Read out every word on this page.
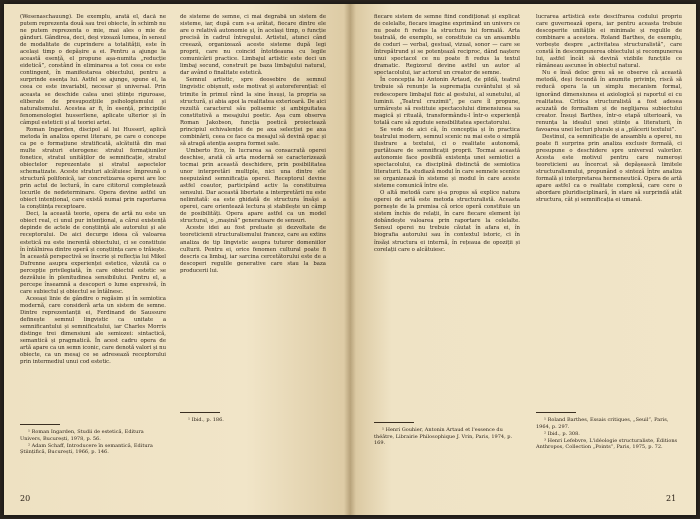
(Wesenaschauung). De exemplu, arată el, dacă ne putem reprezenta două sau trei obiecte, în schimb nu ne putem reprezenta o mie, mai ales o mie de gânduri. Gândirea, deci, deși vizează lumea, în sensul de modalitate de cuprindere a totalității, este în același timp o depășire a ei. Pentru a ajunge la această esență, el propune așa-numita „reducție eidetică”, constând în eliminarea a tot ceea ce este contingent, în manifestarea obiectului, pentru a surprinde esența lui. Astfel se ajunge, spune el, la ceea ce este invariabil, necesar și universal. Prin aceasta se deschide calea unei științe riguroase, eliberate de presupozițiile psihologismului și naturalismului. Acestea ar fi, în esență, principiile fenomenologiei husserliene, aplicate ulterior și în câmpul esteticii și al teoriei artei.

Roman Ingarden, discipol al lui Husserl, aplică metoda în analiza operei literare, pe care o concepe ca pe o formațiune stratificată, alcătuită din mai multe straturi eterogene: stratul formațiunilor fonetice, stratul unităților de semnificație, stratul obiectelor reprezentate și stratul aspectelor schematizate. Aceste straturi alcătuiesc împreună o structură polifonică, iar concretizarea operei are loc prin actul de lectură, în care cititorul completează locurile de nedeterminare. Opera devine astfel un obiect intențional, care există numai prin raportarea la conștiința receptoare.

Deci, la această teorie, opera de artă nu este un obiect real, ci unul pur intențional, a cărui existență depinde de actele de conștiință ale autorului și ale receptorului. De aici decurge ideea că valoarea estetică nu este inerentă obiectului, ci se constituie în întâlnirea dintre operă și conștiința care o trăiește. În această perspectivă se înscrie și reflecția lui Mikel Dufrenne asupra experienței estetice, văzută ca o percepție privilegiată, în care obiectul estetic se dezvăluie în plenitudinea sensibilului. Pentru el, a percepe înseamnă a descoperi o lume expresivă, în care subiectul și obiectul se întâlnesc.

Aceeași linie de gândire o regăsim și în semiotica modernă, care consideră arta un sistem de semne. Dintre reprezentanții ei, Ferdinand de Saussure definește semnul lingvistic ca unitate a semnificantului și semnificatului, iar Charles Morris distinge trei dimensiuni ale semiozei: sintactică, semantică și pragmatică. În acest cadru opera de artă apare ca un semn iconic, care denotă valori și nu obiecte, ca un mesaj ce se adresează receptorului prin intermediul unui cod estetic.

de sisteme de semne, ci mai degrabă un sistem de sisteme, iar, după cum s-a arătat, fiecare dintre ele are o relativă autonomie și, în același timp, o funcție precisă în cadrul întregului. Artistul, atunci când creează, organizează aceste sisteme după legi proprii, care nu coincid întotdeauna cu legile comunicării practice. Limbajul artistic este deci un limbaj secund, construit pe baza limbajului natural, dar având o finalitate estetică.

Semnul artistic, spre deosebire de semnul lingvistic obișnuit, este motivat și autoreferențial: el trimite în primul rând la sine însuși, la propria sa structură, și abia apoi la realitatea exterioară. De aici rezultă caracterul său polisemic și ambiguitatea constitutivă a mesajului poetic. Așa cum observa Roman Jakobson, funcția poetică proiectează principiul echivalenței de pe axa selecției pe axa combinării, ceea ce face ca mesajul să devină opac și să atragă atenția asupra formei sale.

Umberto Eco, în lucrarea sa consacrată operei deschise, arată că arta modernă se caracterizează tocmai prin această deschidere, prin posibilitatea unor interpretări multiple, nici una dintre ele neepuizând semnificația operei. Receptorul devine astfel coautor, participând activ la constituirea sensului. Dar această libertate a interpretării nu este nelimitată: ea este ghidată de structura însăși a operei, care orientează lectura și stabilește un câmp de posibilități. Opera apare astfel ca un model structural, o „mașină” generatoare de sensuri.

Aceste idei au fost preluate și dezvoltate de teoreticienii structuralismului francez, care au extins analiza de tip lingvistic asupra tuturor domeniilor culturii. Pentru ei, orice fenomen cultural poate fi descris ca limbaj, iar sarcina cercetătorului este de a descoperi regulile generative care stau la baza producerii lui.

¹ Roman Ingarden, Studii de estetică, Editura Univers, București, 1978, p. 56.

² Adam Schaff, Introducere în semantică, Editura Științifică, București, 1966, p. 146.

¹ Ibid., p. 186.

20

fiecare sistem de semne fiind condiționat și explicat de celelalte, fiecare imagine exprimând un univers ce nu poate fi redus la structura lui formală. Arta teatrală, de exemplu, se constituie ca un ansamblu de coduri — verbal, gestual, vizual, sonor — care se întrepătrund și se potențează reciproc, dând naștere unui spectacol ce nu poate fi redus la textul dramatic. Regizorul devine astfel un autor al spectacolului, iar actorul un creator de semne.

În concepția lui Antonin Artaud, de pildă, teatrul trebuie să renunțe la supremația cuvântului și să redescopere limbajul fizic al gestului, al sunetului, al luminii. „Teatrul cruzimii”, pe care îl propune, urmărește să restituie spectacolului dimensiunea sa magică și rituală, transformându-l într-o experiență totală care să zguduie sensibilitatea spectatorului.

Se vede de aici că, în concepția și în practica teatrului modern, semnul scenic nu mai este o simplă ilustrare a textului, ci o realitate autonomă, purtătoare de semnificații proprii. Tocmai această autonomie face posibilă existența unei semiotici a spectacolului, ca disciplină distinctă de semiotica literaturii. Ea studiază modul în care semnele scenice se organizează în sisteme și modul în care aceste sisteme comunică între ele.

O altă metodă care și-a propus să explice natura operei de artă este metoda structuralistă. Aceasta pornește de la premisa că orice operă constituie un sistem închis de relații, în care fiecare element își dobândește valoarea prin raportare la celelalte. Sensul operei nu trebuie căutat în afara ei, în biografia autorului sau în contextul istoric, ci în însăși structura ei internă, în rețeaua de opoziții și corelații care o alcătuiesc.

lucrarea artistică este descifrarea codului propriu care guvernează opera, iar pentru aceasta trebuie descoperite unitățile ei minimale și regulile de combinare a acestora. Roland Barthes, de exemplu, vorbește despre „activitatea structuralistă”, care constă în descompunerea obiectului și recompunerea lui, astfel încât să devină vizibile funcțiile ce rămâneau ascunse în obiectul natural.

Nu e însă deloc greu să se observe că această metodă, deși fecundă în anumite privințe, riscă să reducă opera la un simplu mecanism formal, ignorând dimensiunea ei axiologică și raportul ei cu realitatea. Critica structuralistă a fost adesea acuzată de formalism și de neglijarea subiectului creator. Însuși Barthes, într-o etapă ulterioară, va renunța la idealul unei științe a literaturii, în favoarea unei lecturi plurale și a „plăcerii textului”.

Destinul, ca semnificație de ansamblu a operei, nu poate fi surprins prin analiza exclusiv formală, ci presupune o deschidere spre universul valorilor. Acesta este motivul pentru care numeroși teoreticieni au încercat să depășească limitele structuralismului, propunând o sinteză între analiza formală și interpretarea hermeneutică. Opera de artă apare astfel ca o realitate complexă, care cere o abordare pluridisciplinară, în stare să surprindă atât structura, cât și semnificația ei umană.

¹ Henri Gouhier, Antonin Artaud et l'essence du théâtre, Librairie Philosophique J. Vrin, Paris, 1974, p. 169.

¹ Roland Barthes, Essais critiques, „Seuil”, Paris, 1964, p. 297.

² Ibid., p. 308.

³ Henri Lefebvre, L'idéologie structuraliste, Éditions Anthropos, Collection „Points”, Paris, 1975, p. 72.

21
